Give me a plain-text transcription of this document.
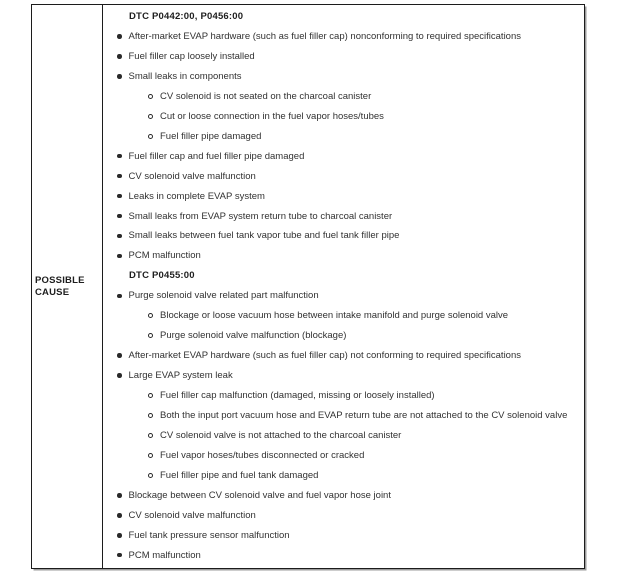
POSSIBLE CAUSE
DTC P0442:00, P0456:00
After-market EVAP hardware (such as fuel filler cap) nonconforming to required specifications
Fuel filler cap loosely installed
Small leaks in components
CV solenoid is not seated on the charcoal canister
Cut or loose connection in the fuel vapor hoses/tubes
Fuel filler pipe damaged
Fuel filler cap and fuel filler pipe damaged
CV solenoid valve malfunction
Leaks in complete EVAP system
Small leaks from EVAP system return tube to charcoal canister
Small leaks between fuel tank vapor tube and fuel tank filler pipe
PCM malfunction
DTC P0455:00
Purge solenoid valve related part malfunction
Blockage or loose vacuum hose between intake manifold and purge solenoid valve
Purge solenoid valve malfunction (blockage)
After-market EVAP hardware (such as fuel filler cap) not conforming to required specifications
Large EVAP system leak
Fuel filler cap malfunction (damaged, missing or loosely installed)
Both the input port vacuum hose and EVAP return tube are not attached to the CV solenoid valve
CV solenoid valve is not attached to the charcoal canister
Fuel vapor hoses/tubes disconnected or cracked
Fuel filler pipe and fuel tank damaged
Blockage between CV solenoid valve and fuel vapor hose joint
CV solenoid valve malfunction
Fuel tank pressure sensor malfunction
PCM malfunction
